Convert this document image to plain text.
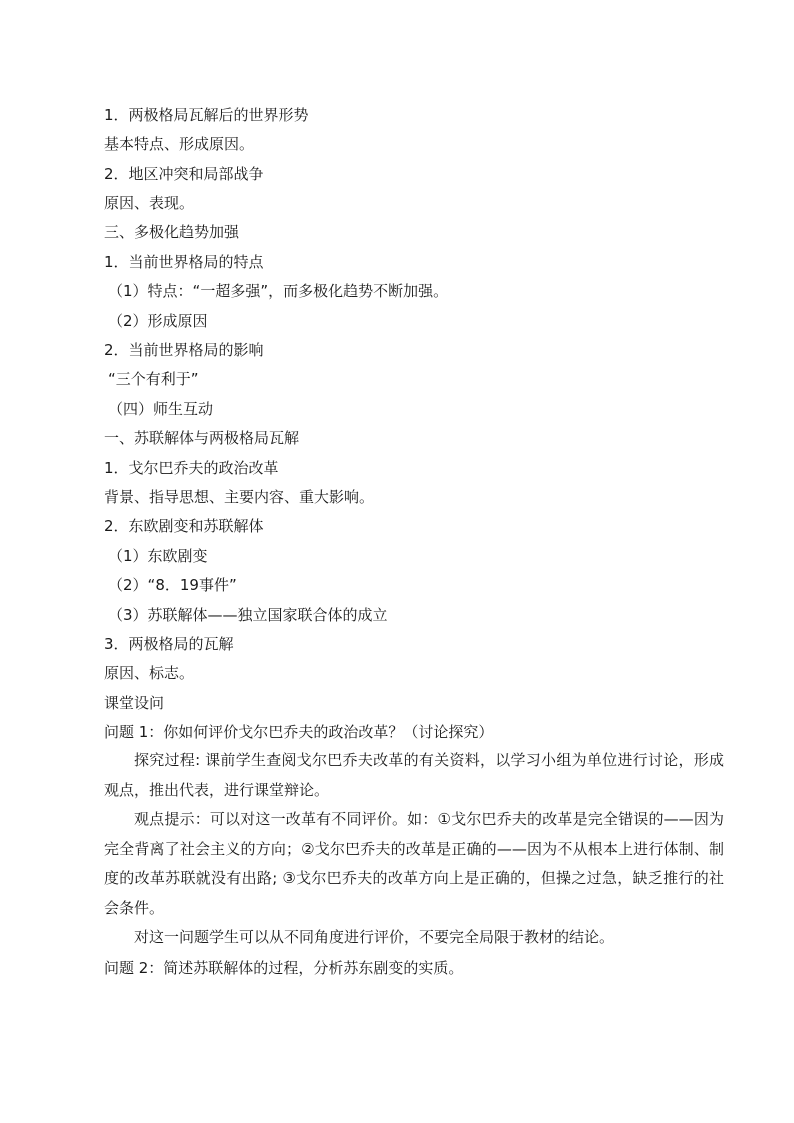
1．两极格局瓦解后的世界形势
基本特点、形成原因。
2．地区冲突和局部战争
原因、表现。
三、多极化趋势加强
1．当前世界格局的特点
（1）特点：“一超多强”，而多极化趋势不断加强。
（2）形成原因
2．当前世界格局的影响
“三个有利于”
（四）师生互动
一、苏联解体与两极格局瓦解
1．戈尔巴乔夫的政治改革
背景、指导思想、主要内容、重大影响。
2．东欧剧变和苏联解体
（1）东欧剧变
（2）“8．19事件”
（3）苏联解体——独立国家联合体的成立
3．两极格局的瓦解
原因、标志。
课堂设问
问题 1：你如何评价戈尔巴乔夫的政治改革？（讨论探究）
探究过程: 课前学生查阅戈尔巴乔夫改革的有关资料，以学习小组为单位进行讨论，形成观点，推出代表，进行课堂辩论。
观点提示：可以对这一改革有不同评价。如：①戈尔巴乔夫的改革是完全错误的——因为完全背离了社会主义的方向；②戈尔巴乔夫的改革是正确的——因为不从根本上进行体制、制度的改革苏联就没有出路; ③戈尔巴乔夫的改革方向上是正确的，但操之过急，缺乏推行的社会条件。
对这一问题学生可以从不同角度进行评价，不要完全局限于教材的结论。
问题 2：简述苏联解体的过程，分析苏东剧变的实质。
